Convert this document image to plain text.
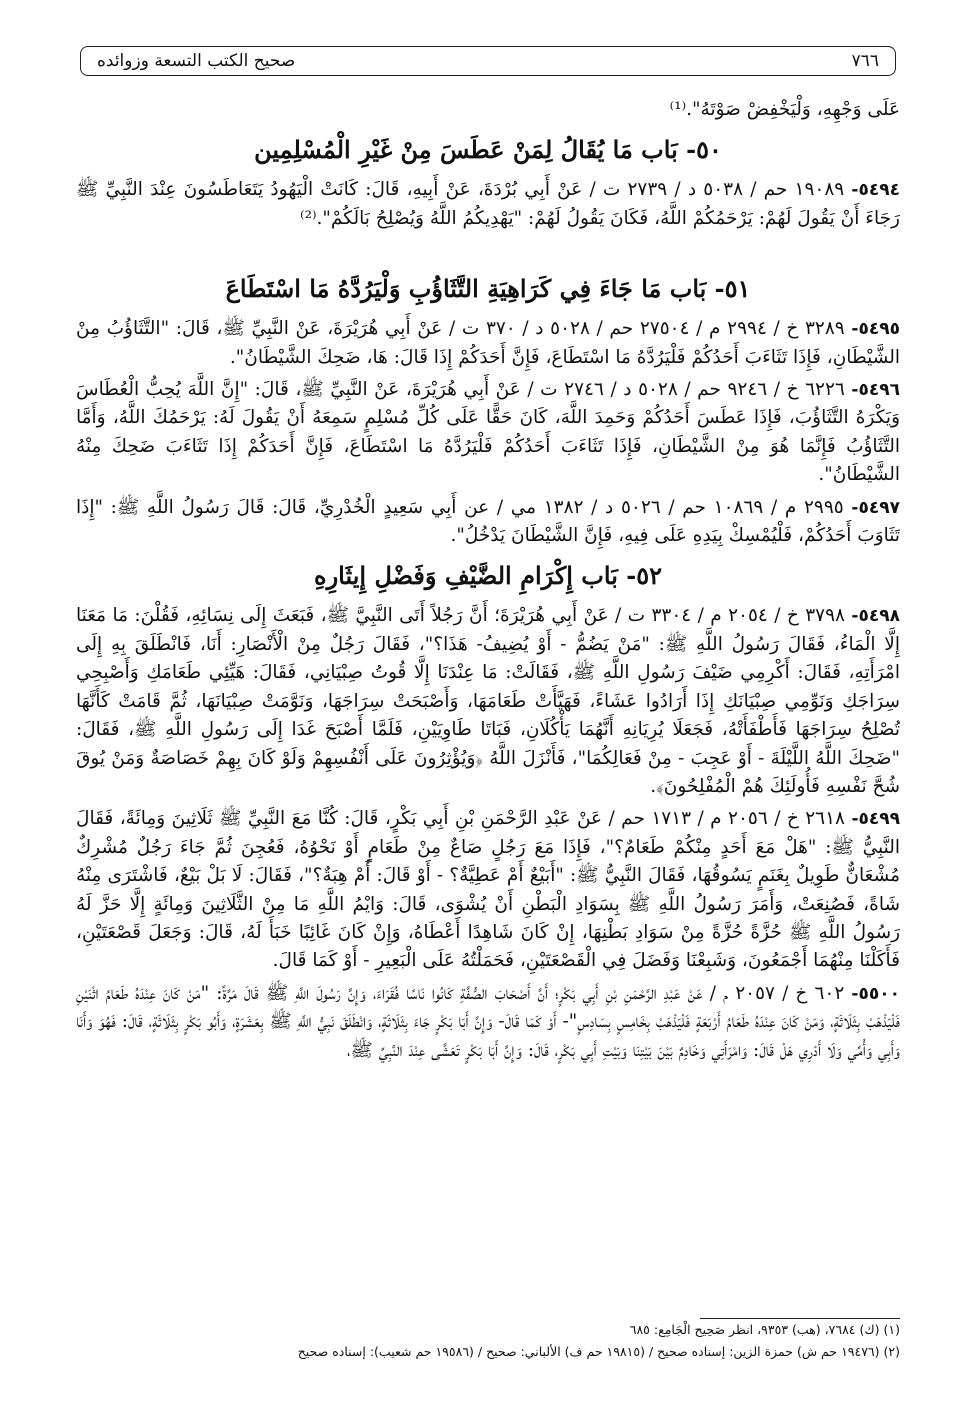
٧٦٦
صحيح الكتب التسعة وزوائده

عَلَى وَجْهِهِ، وَلْيَخْفِضْ صَوْتَهُ".⁽¹⁾

٥٠- بَاب مَا يُقَالُ لِمَنْ عَطَسَ مِنْ غَيْرِ الْمُسْلِمِين

٥٤٩٤- ١٩٠٨٩ حم / ٥٠٣٨ د / ٢٧٣٩ ت / عَنْ أَبِي بُرْدَةَ، عَنْ أَبِيهِ، قَالَ: كَانَتْ الْيَهُودُ يَتَعَاطَسُونَ عِنْدَ النَّبِيِّ ﷺ رَجَاءَ أَنْ يَقُولَ لَهُمْ: يَرْحَمُكُمْ اللَّهُ، فَكَانَ يَقُولُ لَهُمْ: "يَهْدِيكُمُ اللَّهُ وَيُصْلِحُ بَالَكُمْ".⁽²⁾

٥١- بَاب مَا جَاءَ فِي كَرَاهِيَةِ التَّثَاؤُبِ وَلْيَرُدَّهُ مَا اسْتَطَاعَ

٥٤٩٥- ٣٢٨٩ خ / ٢٩٩٤ م / ٢٧٥٠٤ حم / ٥٠٢٨ د / ٣٧٠ ت / عَنْ أَبِي هُرَيْرَةَ، عَنْ النَّبِيِّ ﷺ، قَالَ: "التَّثَاؤُبُ مِنْ الشَّيْطَانِ، فَإِذَا تَثَاءَبَ أَحَدُكُمْ فَلْيَرُدَّهُ مَا اسْتَطَاعَ، فَإِنَّ أَحَدَكُمْ إِذَا قَالَ: هَا، ضَحِكَ الشَّيْطَانُ".

٥٤٩٦- ٦٢٢٦ خ / ٩٢٤٦ حم / ٥٠٢٨ د / ٢٧٤٦ ت / عَنْ أَبِي هُرَيْرَةَ، عَنْ النَّبِيِّ ﷺ، قَالَ: "إِنَّ اللَّهَ يُحِبُّ الْعُطَاسَ وَيَكْرَهُ التَّثَاؤُبَ، فَإِذَا عَطَسَ أَحَدُكُمْ وَحَمِدَ اللَّهَ، كَانَ حَقًّا عَلَى كُلِّ مُسْلِمٍ سَمِعَهُ أَنْ يَقُولَ لَهُ: يَرْحَمُكَ اللَّهُ، وَأَمَّا التَّثَاؤُبُ فَإِنَّمَا هُوَ مِنْ الشَّيْطَانِ، فَإِذَا تَثَاءَبَ أَحَدُكُمْ فَلْيَرُدَّهُ مَا اسْتَطَاعَ، فَإِنَّ أَحَدَكُمْ إِذَا تَثَاءَبَ ضَحِكَ مِنْهُ الشَّيْطَانُ".

٥٤٩٧- ٢٩٩٥ م / ١٠٨٦٩ حم / ٥٠٢٦ د / ١٣٨٢ مي / عن أَبِي سَعِيدٍ الْخُدْرِيِّ، قَالَ: قَالَ رَسُولُ اللَّهِ ﷺ: "إِذَا تَثَاوَبَ أَحَدُكُمْ، فَلْيُمْسِكْ بِيَدِهِ عَلَى فِيهِ، فَإِنَّ الشَّيْطَانَ يَدْخُلُ".

٥٢- بَاب إِكْرَامِ الضَّيْفِ وَفَضْلِ إِيثَارِهِ

٥٤٩٨- ٣٧٩٨ خ / ٢٠٥٤ م / ٣٣٠٤ ت / عَنْ أَبِي هُرَيْرَةَ؛ أَنَّ رَجُلاً أَتَى النَّبِيَّ ﷺ، فَبَعَثَ إِلَى نِسَائِهِ، فَقُلْنَ: مَا مَعَنَا إِلَّا الْمَاءُ، فَقَالَ رَسُولُ اللَّهِ ﷺ: "مَنْ يَضُمُّ - أَوْ يُضِيفُ- هَذَا؟"، فَقَالَ رَجُلٌ مِنْ الْأَنْصَارِ: أَنَا، فَانْطَلَقَ بِهِ إِلَى امْرَأَتِهِ، فَقَالَ: أَكْرِمِي ضَيْفَ رَسُولِ اللَّهِ ﷺ، فَقَالَتْ: مَا عِنْدَنَا إِلَّا قُوتُ صِبْيَانِي، فَقَالَ: هَيِّئِي طَعَامَكِ وَأَصْبِحِي سِرَاجَكِ وَنَوِّمِي صِبْيَانَكِ إِذَا أَرَادُوا عَشَاءً، فَهَيَّأَتْ طَعَامَهَا، وَأَصْبَحَتْ سِرَاجَهَا، وَنَوَّمَتْ صِبْيَانَهَا، ثُمَّ قَامَتْ كَأَنَّهَا تُصْلِحُ سِرَاجَهَا فَأَطْفَأَتْهُ، فَجَعَلَا يُرِيَانِهِ أَنَّهُمَا يَأْكُلَانِ، فَبَاتَا طَاوِيَيْنِ، فَلَمَّا أَصْبَحَ غَدَا إِلَى رَسُولِ اللَّهِ ﷺ، فَقَالَ: "ضَحِكَ اللَّهُ اللَّيْلَةَ - أَوْ عَجِبَ - مِنْ فَعَالِكُمَا"، فَأَنْزَلَ اللَّهُ ﴿وَيُؤْثِرُونَ عَلَى أَنْفُسِهِمْ وَلَوْ كَانَ بِهِمْ خَصَاصَةٌ وَمَنْ يُوقَ شُحَّ نَفْسِهِ فَأُولَئِكَ هُمْ الْمُفْلِحُونَ﴾.

٥٤٩٩- ٢٦١٨ خ / ٢٠٥٦ م / ١٧١٣ حم / عَنْ عَبْدِ الرَّحْمَنِ بْنِ أَبِي بَكْرٍ، قَالَ: كُنَّا مَعَ النَّبِيِّ ﷺ ثَلَاثِينَ وَمِائَةً، فَقَالَ النَّبِيُّ ﷺ: "هَلْ مَعَ أَحَدٍ مِنْكُمْ طَعَامٌ؟"، فَإِذَا مَعَ رَجُلٍ صَاعٌ مِنْ طَعَامٍ أَوْ نَحْوُهُ، فَعُجِنَ ثُمَّ جَاءَ رَجُلٌ مُشْرِكٌ مُشْعَانٌّ طَوِيلٌ بِغَنَمٍ يَسُوقُهَا، فَقَالَ النَّبِيُّ ﷺ: "أَبَيْعٌ أَمْ عَطِيَّةٌ؟ - أَوْ قَالَ: أَمْ هِبَةٌ؟"، فَقَالَ: لَا بَلْ بَيْعٌ، فَاشْتَرَى مِنْهُ شَاةً، فَصُنِعَتْ، وَأَمَرَ رَسُولُ اللَّهِ ﷺ بِسَوَادِ الْبَطْنِ أَنْ يُشْوَى، قَالَ: وَايْمُ اللَّهِ مَا مِنْ الثَّلَاثِينَ وَمِائَةٍ إِلَّا حَزَّ لَهُ رَسُولُ اللَّهِ ﷺ حُزَّةً حُزَّةً مِنْ سَوَادِ بَطْنِهَا، إِنْ كَانَ شَاهِدًا أَعْطَاهُ، وَإِنْ كَانَ غَائِبًا خَبَأَ لَهُ، قَالَ: وَجَعَلَ قَصْعَتَيْنِ، فَأَكَلْنَا مِنْهُمَا أَجْمَعُونَ، وَشَبِعْنَا وَفَضَلَ فِي الْقَصْعَتَيْنِ، فَحَمَلْتُهُ عَلَى الْبَعِيرِ - أَوْ كَمَا قَالَ.

٥٥٠٠- ٦٠٢ خ / ٢٠٥٧ م / عَنْ عَبْدِ الرَّحْمَنِ بْنِ أَبِي بَكْرٍ؛ أَنَّ أَصْحَابَ الصُّفَّةِ كَانُوا نَاسًا فُقَرَاءَ، وَإِنَّ رَسُولَ اللَّهِ ﷺ قَالَ مَرَّةً: "مَنْ كَانَ عِنْدَهُ طَعَامُ اثْنَيْنِ فَلْيَذْهَبْ بِثَلَاثَةٍ، وَمَنْ كَانَ عِنْدَهُ طَعَامُ أَرْبَعَةٍ فَلْيَذْهَبْ بِخَامِسٍ بِسَادِسٍ"- أَوْ كَمَا قَالَ- وَإِنَّ أَبَا بَكْرٍ جَاءَ بِثَلَاثَةٍ، وَانْطَلَقَ نَبِيُّ اللَّهِ ﷺ بِعَشَرَةٍ، وَأَبُو بَكْرٍ بِثَلَاثَةٍ، قَالَ: فَهُوَ وَأَنَا وَأَبِي وَأُمِّي وَلَا أَدْرِي هَلْ قَالَ: وَامْرَأَتِي وَخَادِمٌ بَيْنَ بَيْتِنَا وَبَيْتِ أَبِي بَكْرٍ، قَالَ: وَإِنَّ أَبَا بَكْرٍ تَعَشَّى عِنْدَ النَّبِيِّ ﷺ،

(١) (ك) ٧٦٨٤، (هب) ٩٣٥٣، انظر صَحِيح الْجَامِع: ٦٨٥
(٢) (١٩٤٧٦ حم ش) حمزة الزين: إسناده صحيح / (١٩٨١٥ حم ف) الألباني: صحيح / (١٩٥٨٦ حم شعيب): إسناده صحيح
